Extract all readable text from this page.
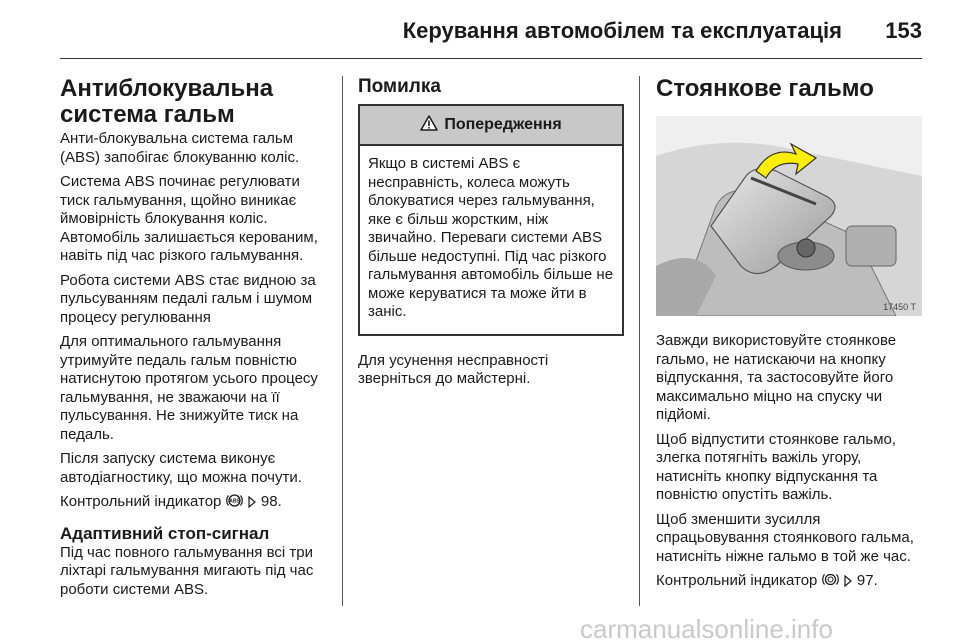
Керування автомобілем та експлуатація 153
Антиблокувальна система гальм

Анти-блокувальна система гальм (ABS) запобігає блокуванню коліс.

Система ABS починає регулювати тиск гальмування, щойно виникає ймовірність блокування коліс. Автомобіль залишається керованим, навіть під час різкого гальмування.

Робота системи ABS стає видною за пульсуванням педалі гальм і шумом процесу регулювання

Для оптимального гальмування утримуйте педаль гальм повністю натиснутою протягом усього процесу гальмування, не зважаючи на її пульсування. Не знижуйте тиск на педаль.

Після запуску система виконує автодіагностику, що можна почути.

Контрольний індикатор ABS 98.

Адаптивний стоп-сигнал
Під час повного гальмування всі три ліхтарі гальмування мигають під час роботи системи ABS.
Помилка
Попередження
Якщо в системі ABS є несправність, колеса можуть блокуватися через гальмування, яке є більш жорстким, ніж звичайно. Переваги системи ABS більше недоступні. Під час різкого гальмування автомобіль більше не може керуватися та може йти в заніс.

Для усунення несправності зверніться до майстерні.

Стоянкове гальмо
17450 T

Завжди використовуйте стоянкове гальмо, не натискаючи на кнопку відпускання, та застосовуйте його максимально міцно на спуску чи підйомі.

Щоб відпустити стоянкове гальмо, злегка потягніть важіль угору, натисніть кнопку відпускання та повністю опустіть важіль.

Щоб зменшити зусилля спрацьовування стоянкового гальма, натисніть ніжне гальмо в той же час.

Контрольний індикатор	97.

carmanualsonline.info
